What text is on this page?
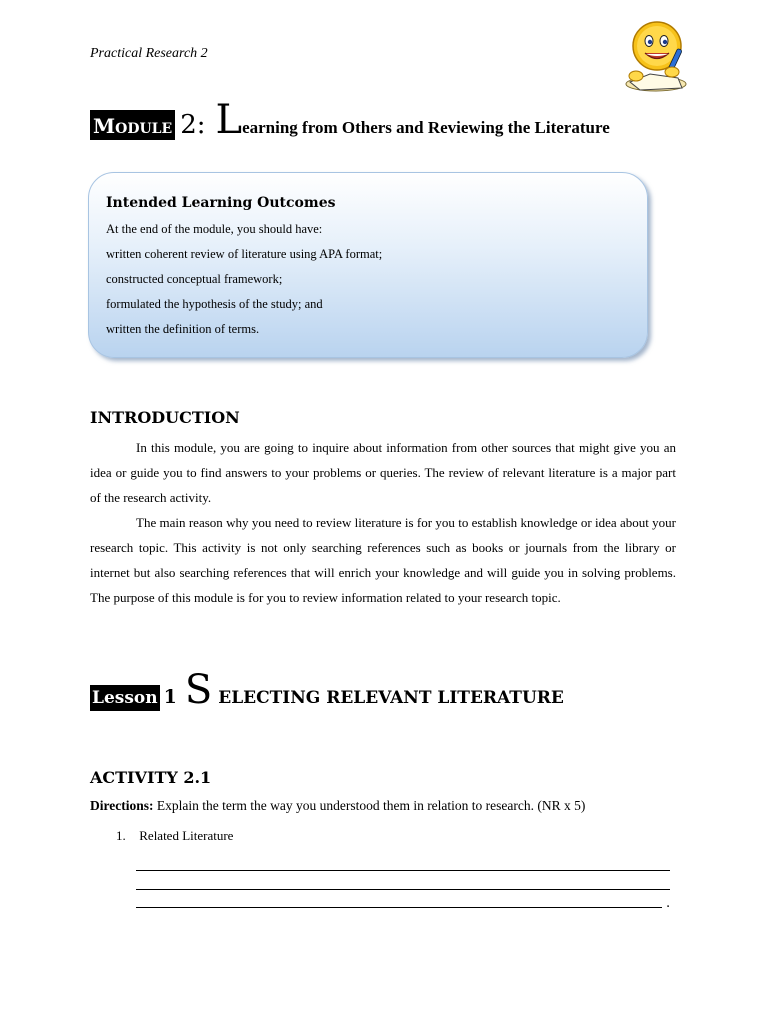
Practical Research 2
Module 2: L earning from Others and Reviewing the Literature
Intended Learning Outcomes
At the end of the module, you should have:
written coherent review of literature using APA format;
constructed conceptual framework;
formulated the hypothesis of the study; and
written the definition of terms.
INTRODUCTION
In this module, you are going to inquire about information from other sources that might give you an idea or guide you to find answers to your problems or queries. The review of relevant literature is a major part of the research activity.
The main reason why you need to review literature is for you to establish knowledge or idea about your research topic. This activity is not only searching references such as books or journals from the library or internet but also searching references that will enrich your knowledge and will guide you in solving problems. The purpose of this module is for you to review information related to your research topic.
Lesson 1 S ELECTING RELEVANT LITERATURE
ACTIVITY 2.1
Directions: Explain the term the way you understood them in relation to research. (NR x 5)
1. Related Literature
.
